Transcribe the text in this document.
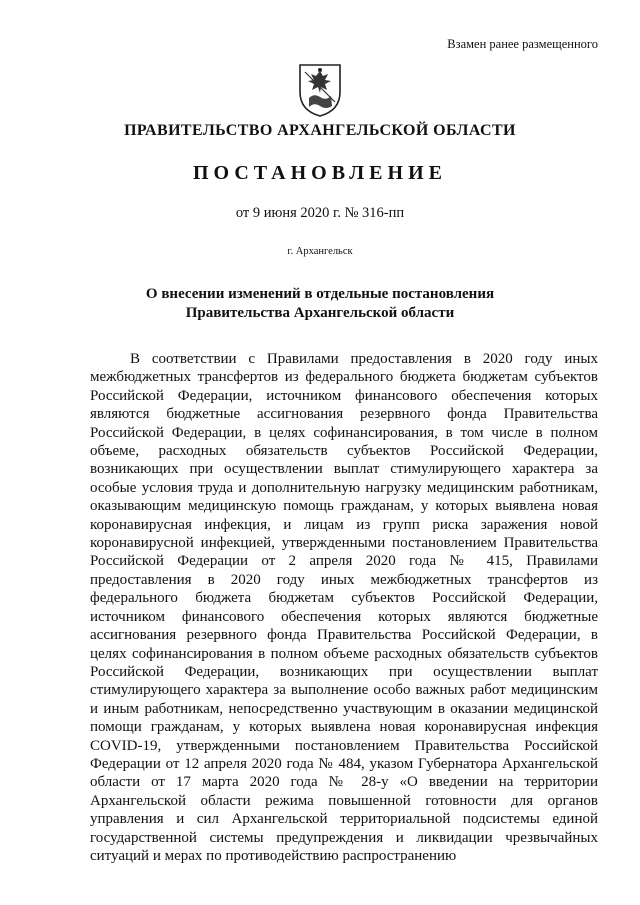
Взамен ранее размещенного
ПРАВИТЕЛЬСТВО АРХАНГЕЛЬСКОЙ ОБЛАСТИ
ПОСТАНОВЛЕНИЕ
от 9 июня 2020 г. № 316-пп
г. Архангельск
О внесении изменений в отдельные постановления
Правительства Архангельской области

В соответствии с Правилами предоставления в 2020 году иных межбюджетных трансфертов из федерального бюджета бюджетам субъектов Российской Федерации, источником финансового обеспечения которых являются бюджетные ассигнования резервного фонда Правительства Российской Федерации, в целях софинансирования, в том числе в полном объеме, расходных обязательств субъектов Российской Федерации, возникающих при осуществлении выплат стимулирующего характера за особые условия труда и дополнительную нагрузку медицинским работникам, оказывающим медицинскую помощь гражданам, у которых выявлена новая коронавирусная инфекция, и лицам из групп риска заражения новой коронавирусной инфекцией, утвержденными постановлением Правительства Российской Федерации от 2 апреля 2020 года № 415, Правилами предоставления в 2020 году иных межбюджетных трансфертов из федерального бюджета бюджетам субъектов Российской Федерации, источником финансового обеспечения которых являются бюджетные ассигнования резервного фонда Правительства Российской Федерации, в целях софинансирования в полном объеме расходных обязательств субъектов Российской Федерации, возникающих при осуществлении выплат стимулирующего характера за выполнение особо важных работ медицинским и иным работникам, непосредственно участвующим в оказании медицинской помощи гражданам, у которых выявлена новая коронавирусная инфекция COVID-19, утвержденными постановлением Правительства Российской Федерации от 12 апреля 2020 года № 484, указом Губернатора Архангельской области от 17 марта 2020 года № 28-у «О введении на территории Архангельской области режима повышенной готовности для органов управления и сил Архангельской территориальной подсистемы единой государственной системы предупреждения и ликвидации чрезвычайных ситуаций и мерах по противодействию распространению
